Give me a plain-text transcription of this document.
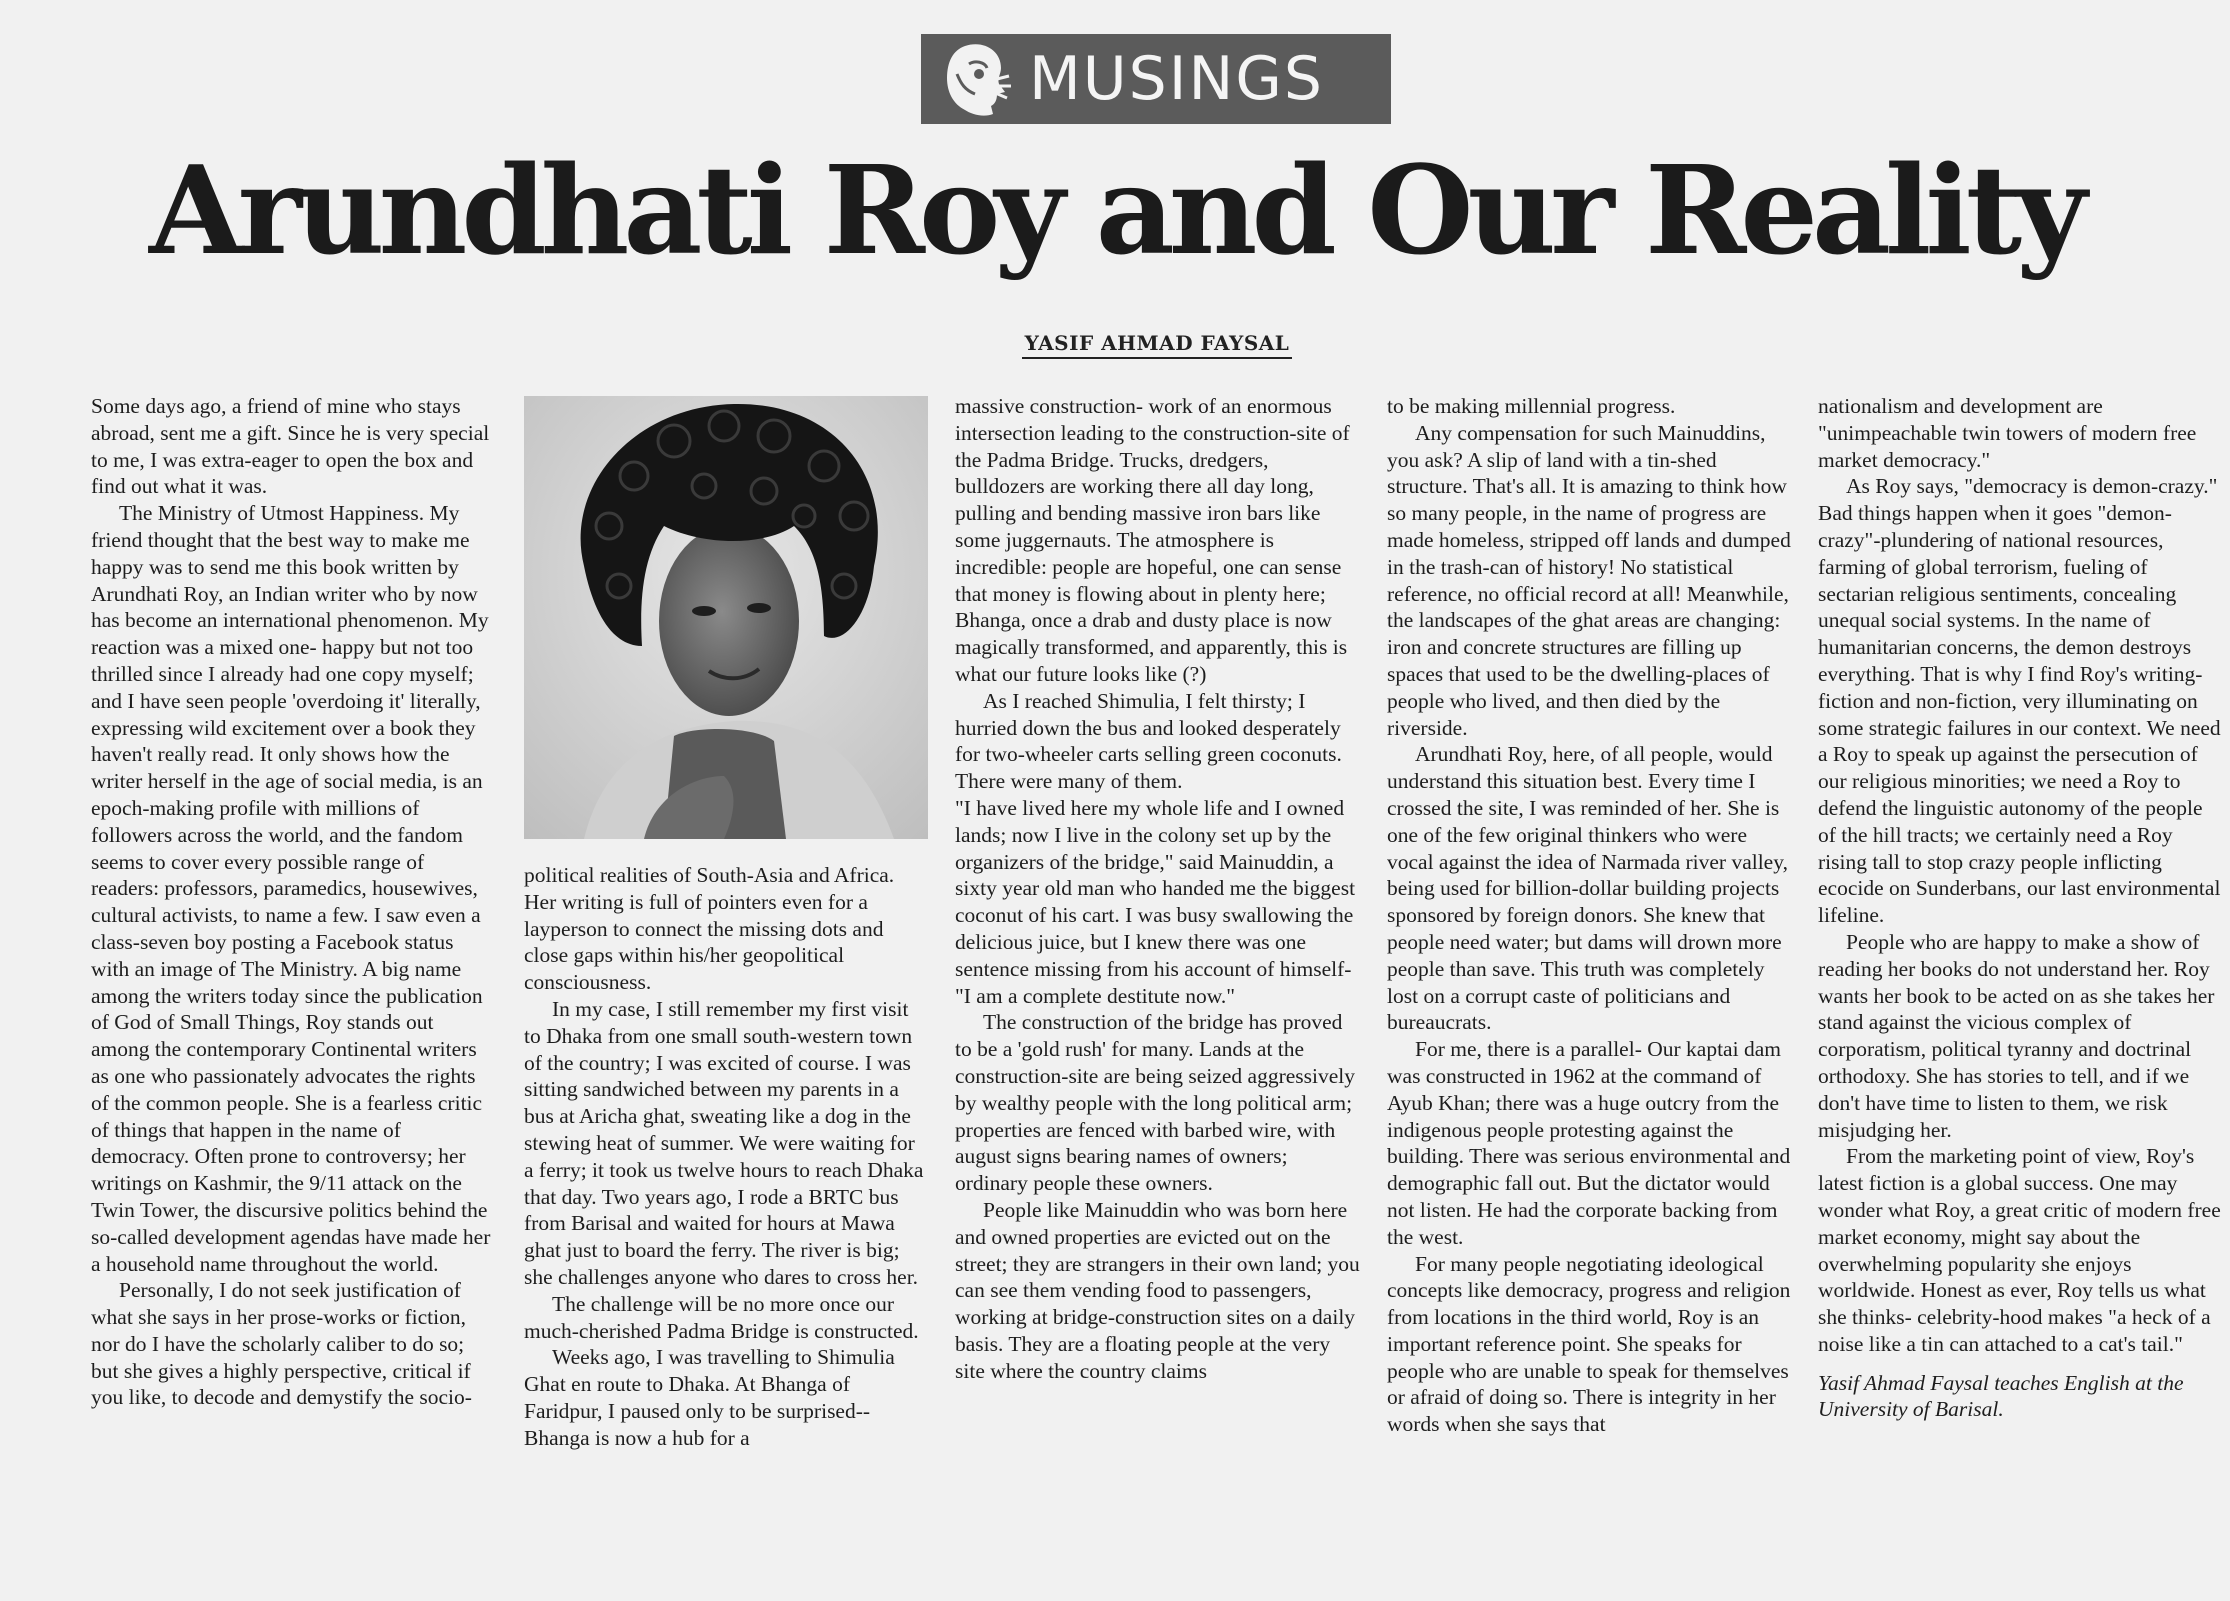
MUSINGS
Arundhati Roy and Our Reality
YASIF AHMAD FAYSAL

Some days ago, a friend of mine who stays abroad, sent me a gift. Since he is very special to me, I was extra-eager to open the box and find out what it was.

The Ministry of Utmost Happiness. My friend thought that the best way to make me happy was to send me this book written by Arundhati Roy, an Indian writer who by now has become an international phenomenon. My reaction was a mixed one- happy but not too thrilled since I already had one copy myself; and I have seen people 'overdoing it' literally, expressing wild excitement over a book they haven't really read. It only shows how the writer herself in the age of social media, is an epoch-making profile with millions of followers across the world, and the fandom seems to cover every possible range of readers: professors, paramedics, housewives, cultural activists, to name a few. I saw even a class-seven boy posting a Facebook status with an image of The Ministry. A big name among the writers today since the publication of God of Small Things, Roy stands out among the contemporary Continental writers as one who passionately advocates the rights of the common people. She is a fearless critic of things that happen in the name of democracy. Often prone to controversy; her writings on Kashmir, the 9/11 attack on the Twin Tower, the discursive politics behind the so-called development agendas have made her a household name throughout the world.

Personally, I do not seek justification of what she says in her prose-works or fiction, nor do I have the scholarly caliber to do so; but she gives a highly perspective, critical if you like, to decode and demystify the socio-

political realities of South-Asia and Africa. Her writing is full of pointers even for a layperson to connect the missing dots and close gaps within his/her geopolitical consciousness.

In my case, I still remember my first visit to Dhaka from one small south-western town of the country; I was excited of course. I was sitting sandwiched between my parents in a bus at Aricha ghat, sweating like a dog in the stewing heat of summer. We were waiting for a ferry; it took us twelve hours to reach Dhaka that day. Two years ago, I rode a BRTC bus from Barisal and waited for hours at Mawa ghat just to board the ferry. The river is big; she challenges anyone who dares to cross her.

The challenge will be no more once our much-cherished Padma Bridge is constructed.

Weeks ago, I was travelling to Shimulia Ghat en route to Dhaka. At Bhanga of Faridpur, I paused only to be surprised--Bhanga is now a hub for a

massive construction- work of an enormous intersection leading to the construction-site of the Padma Bridge. Trucks, dredgers, bulldozers are working there all day long, pulling and bending massive iron bars like some juggernauts. The atmosphere is incredible: people are hopeful, one can sense that money is flowing about in plenty here; Bhanga, once a drab and dusty place is now magically transformed, and apparently, this is what our future looks like (?)

As I reached Shimulia, I felt thirsty; I hurried down the bus and looked desperately for two-wheeler carts selling green coconuts. There were many of them.

"I have lived here my whole life and I owned lands; now I live in the colony set up by the organizers of the bridge," said Mainuddin, a sixty year old man who handed me the biggest coconut of his cart. I was busy swallowing the delicious juice, but I knew there was one sentence missing from his account of himself- "I am a complete destitute now."

The construction of the bridge has proved to be a 'gold rush' for many. Lands at the construction-site are being seized aggressively by wealthy people with the long political arm; properties are fenced with barbed wire, with august signs bearing names of owners; ordinary people these owners.

People like Mainuddin who was born here and owned properties are evicted out on the street; they are strangers in their own land; you can see them vending food to passengers, working at bridge-construction sites on a daily basis. They are a floating people at the very site where the country claims

to be making millennial progress.

Any compensation for such Mainuddins, you ask? A slip of land with a tin-shed structure. That's all. It is amazing to think how so many people, in the name of progress are made homeless, stripped off lands and dumped in the trash-can of history! No statistical reference, no official record at all! Meanwhile, the landscapes of the ghat areas are changing: iron and concrete structures are filling up spaces that used to be the dwelling-places of people who lived, and then died by the riverside.

Arundhati Roy, here, of all people, would understand this situation best. Every time I crossed the site, I was reminded of her. She is one of the few original thinkers who were vocal against the idea of Narmada river valley, being used for billion-dollar building projects sponsored by foreign donors. She knew that people need water; but dams will drown more people than save. This truth was completely lost on a corrupt caste of politicians and bureaucrats.

For me, there is a parallel- Our kaptai dam was constructed in 1962 at the command of Ayub Khan; there was a huge outcry from the indigenous people protesting against the building. There was serious environmental and demographic fall out. But the dictator would not listen. He had the corporate backing from the west.

For many people negotiating ideological concepts like democracy, progress and religion from locations in the third world, Roy is an important reference point. She speaks for people who are unable to speak for themselves or afraid of doing so. There is integrity in her words when she says that

nationalism and development are "unimpeachable twin towers of modern free market democracy."

As Roy says, "democracy is demon-crazy." Bad things happen when it goes "demon-crazy"-plundering of national resources, farming of global terrorism, fueling of sectarian religious sentiments, concealing unequal social systems. In the name of humanitarian concerns, the demon destroys everything. That is why I find Roy's writing- fiction and non-fiction, very illuminating on some strategic failures in our context. We need a Roy to speak up against the persecution of our religious minorities; we need a Roy to defend the linguistic autonomy of the people of the hill tracts; we certainly need a Roy rising tall to stop crazy people inflicting ecocide on Sunderbans, our last environmental lifeline.

People who are happy to make a show of reading her books do not understand her. Roy wants her book to be acted on as she takes her stand against the vicious complex of corporatism, political tyranny and doctrinal orthodoxy. She has stories to tell, and if we don't have time to listen to them, we risk misjudging her.

From the marketing point of view, Roy's latest fiction is a global success. One may wonder what Roy, a great critic of modern free market economy, might say about the overwhelming popularity she enjoys worldwide. Honest as ever, Roy tells us what she thinks- celebrity-hood makes "a heck of a noise like a tin can attached to a cat's tail."

Yasif Ahmad Faysal teaches English at the University of Barisal.
